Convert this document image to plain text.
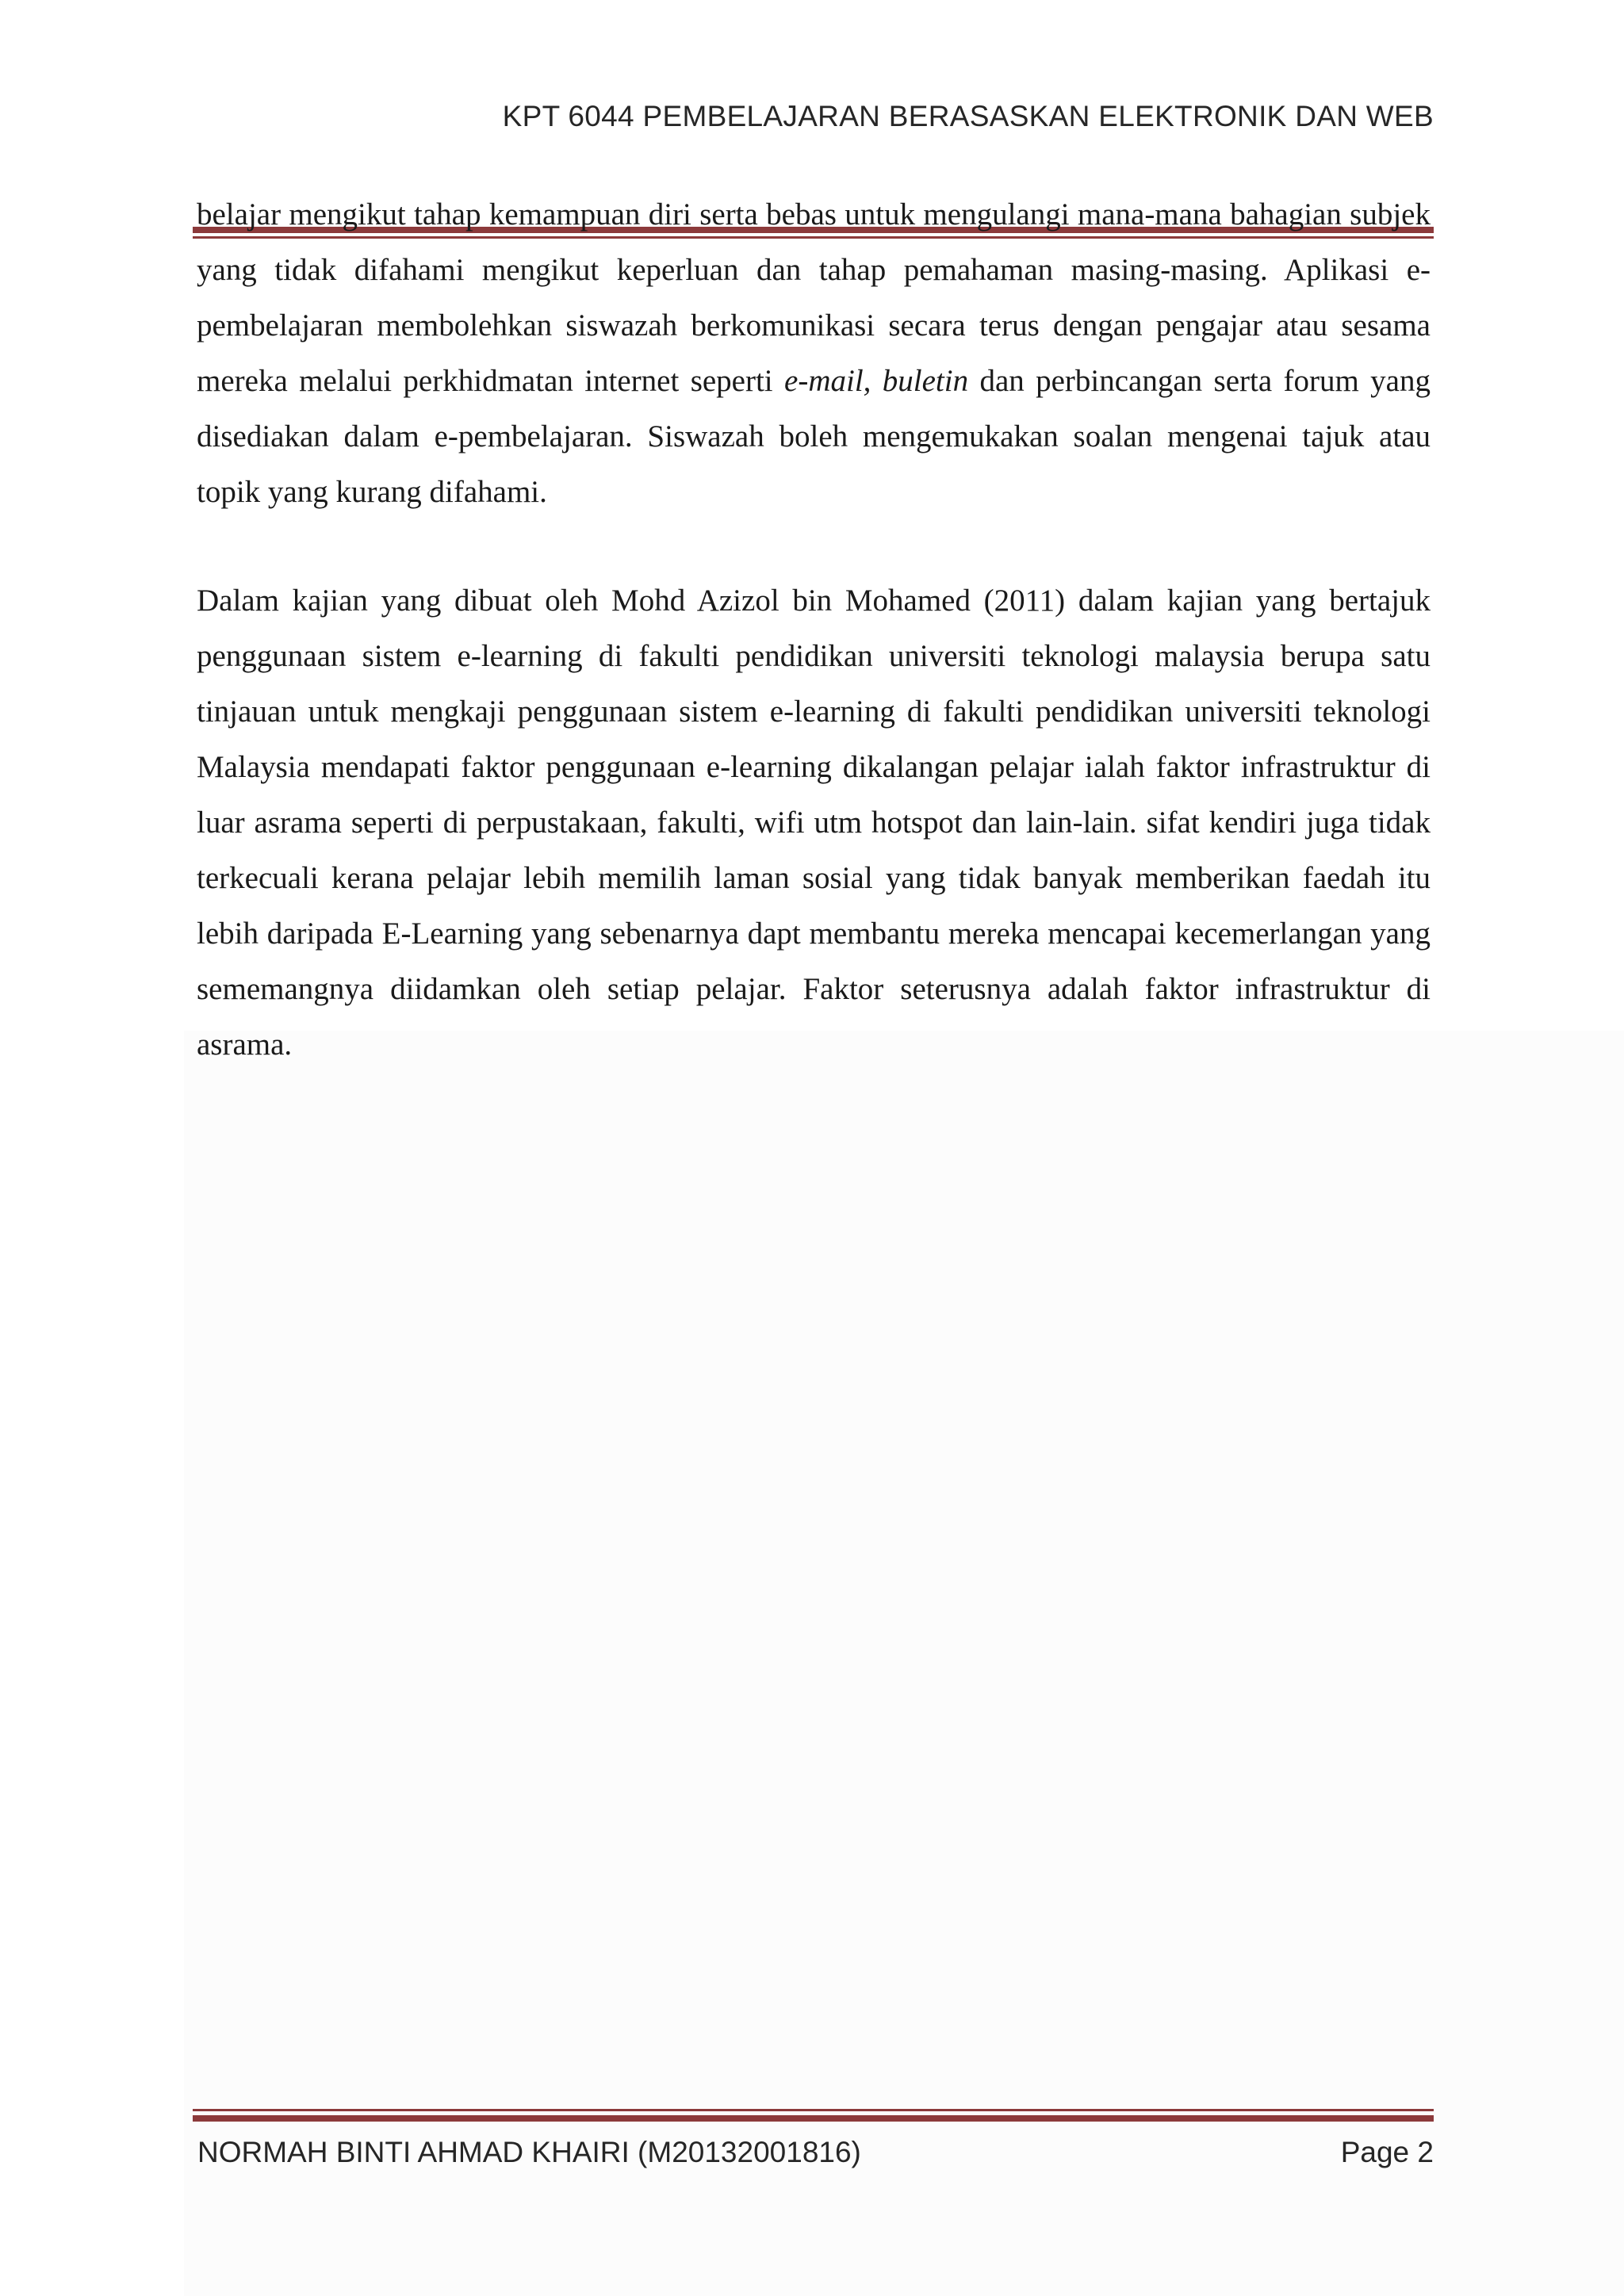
KPT 6044 PEMBELAJARAN BERASASKAN ELEKTRONIK DAN WEB

belajar mengikut tahap kemampuan diri serta bebas untuk mengulangi mana-mana bahagian subjek yang tidak difahami mengikut keperluan dan tahap pemahaman masing-masing. Aplikasi e-pembelajaran membolehkan siswazah berkomunikasi secara terus dengan pengajar atau sesama mereka melalui perkhidmatan internet seperti e-mail, buletin dan perbincangan serta forum yang disediakan dalam e-pembelajaran. Siswazah boleh mengemukakan soalan mengenai tajuk atau topik yang kurang difahami.

Dalam kajian yang dibuat oleh Mohd Azizol bin Mohamed (2011) dalam kajian yang bertajuk penggunaan sistem e-learning di fakulti pendidikan universiti teknologi malaysia berupa satu tinjauan untuk mengkaji penggunaan sistem e-learning di fakulti pendidikan universiti teknologi Malaysia mendapati faktor penggunaan e-learning dikalangan pelajar ialah faktor infrastruktur di luar asrama seperti di perpustakaan, fakulti, wifi utm hotspot dan lain-lain. sifat kendiri juga tidak terkecuali kerana pelajar lebih memilih laman sosial yang tidak banyak memberikan faedah itu lebih daripada E-Learning yang sebenarnya dapt membantu mereka mencapai kecemerlangan yang sememangnya diidamkan oleh setiap pelajar. Faktor seterusnya adalah faktor infrastruktur di asrama.

NORMAH BINTI AHMAD KHAIRI (M20132001816)	Page 2
